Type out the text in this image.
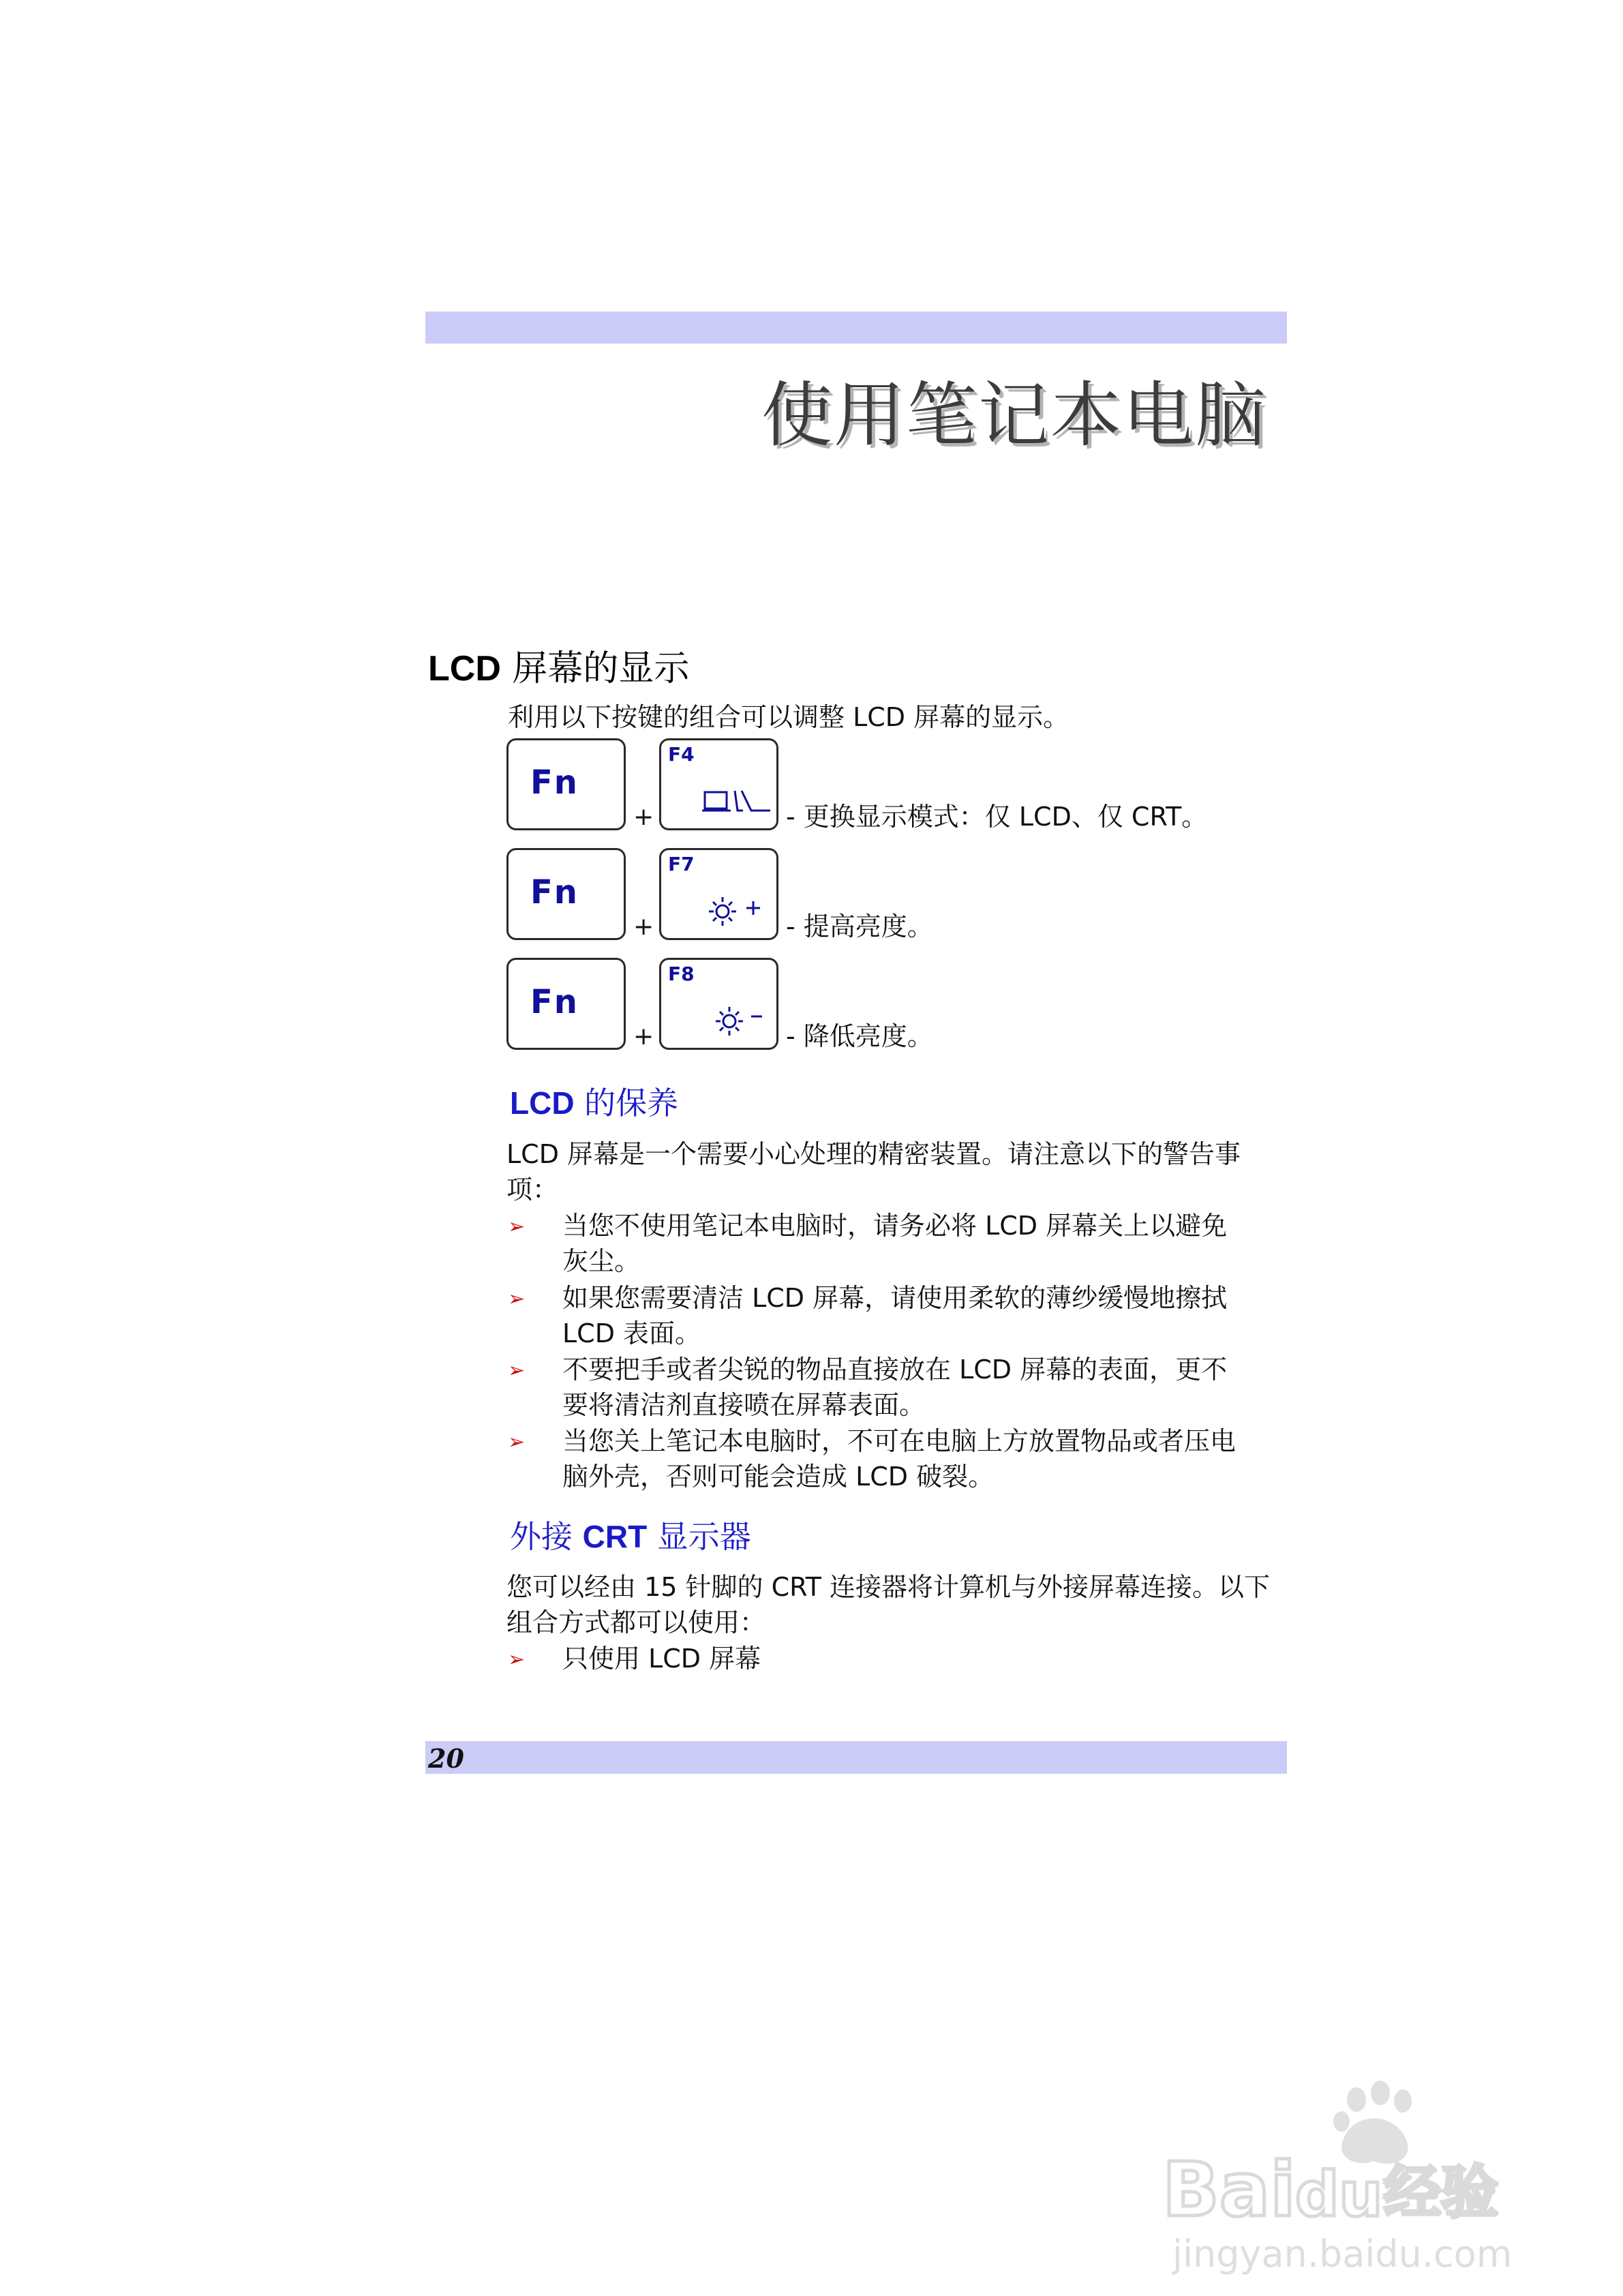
使用笔记本电脑
LCD 屏幕的显示
利用以下按键的组合可以调整 LCD 屏幕的显示。
Fn
+
F4
- 更换显示模式：仅 LCD、仅 CRT。
Fn
+
F7
- 提高亮度。
Fn
+
F8
- 降低亮度。
LCD 的保养
LCD 屏幕是一个需要小心处理的精密装置。请注意以下的警告事项：
➢ 当您不使用笔记本电脑时，请务必将 LCD 屏幕关上以避免灰尘。
➢ 如果您需要清洁 LCD 屏幕，请使用柔软的薄纱缓慢地擦拭 LCD 表面。
➢ 不要把手或者尖锐的物品直接放在 LCD 屏幕的表面，更不要将清洁剂直接喷在屏幕表面。
➢ 当您关上笔记本电脑时，不可在电脑上方放置物品或者压电脑外壳，否则可能会造成 LCD 破裂。
外接 CRT 显示器
您可以经由 15 针脚的 CRT 连接器将计算机与外接屏幕连接。以下组合方式都可以使用：
➢ 只使用 LCD 屏幕
20
Bai du 经验
jingyan.baidu.com
